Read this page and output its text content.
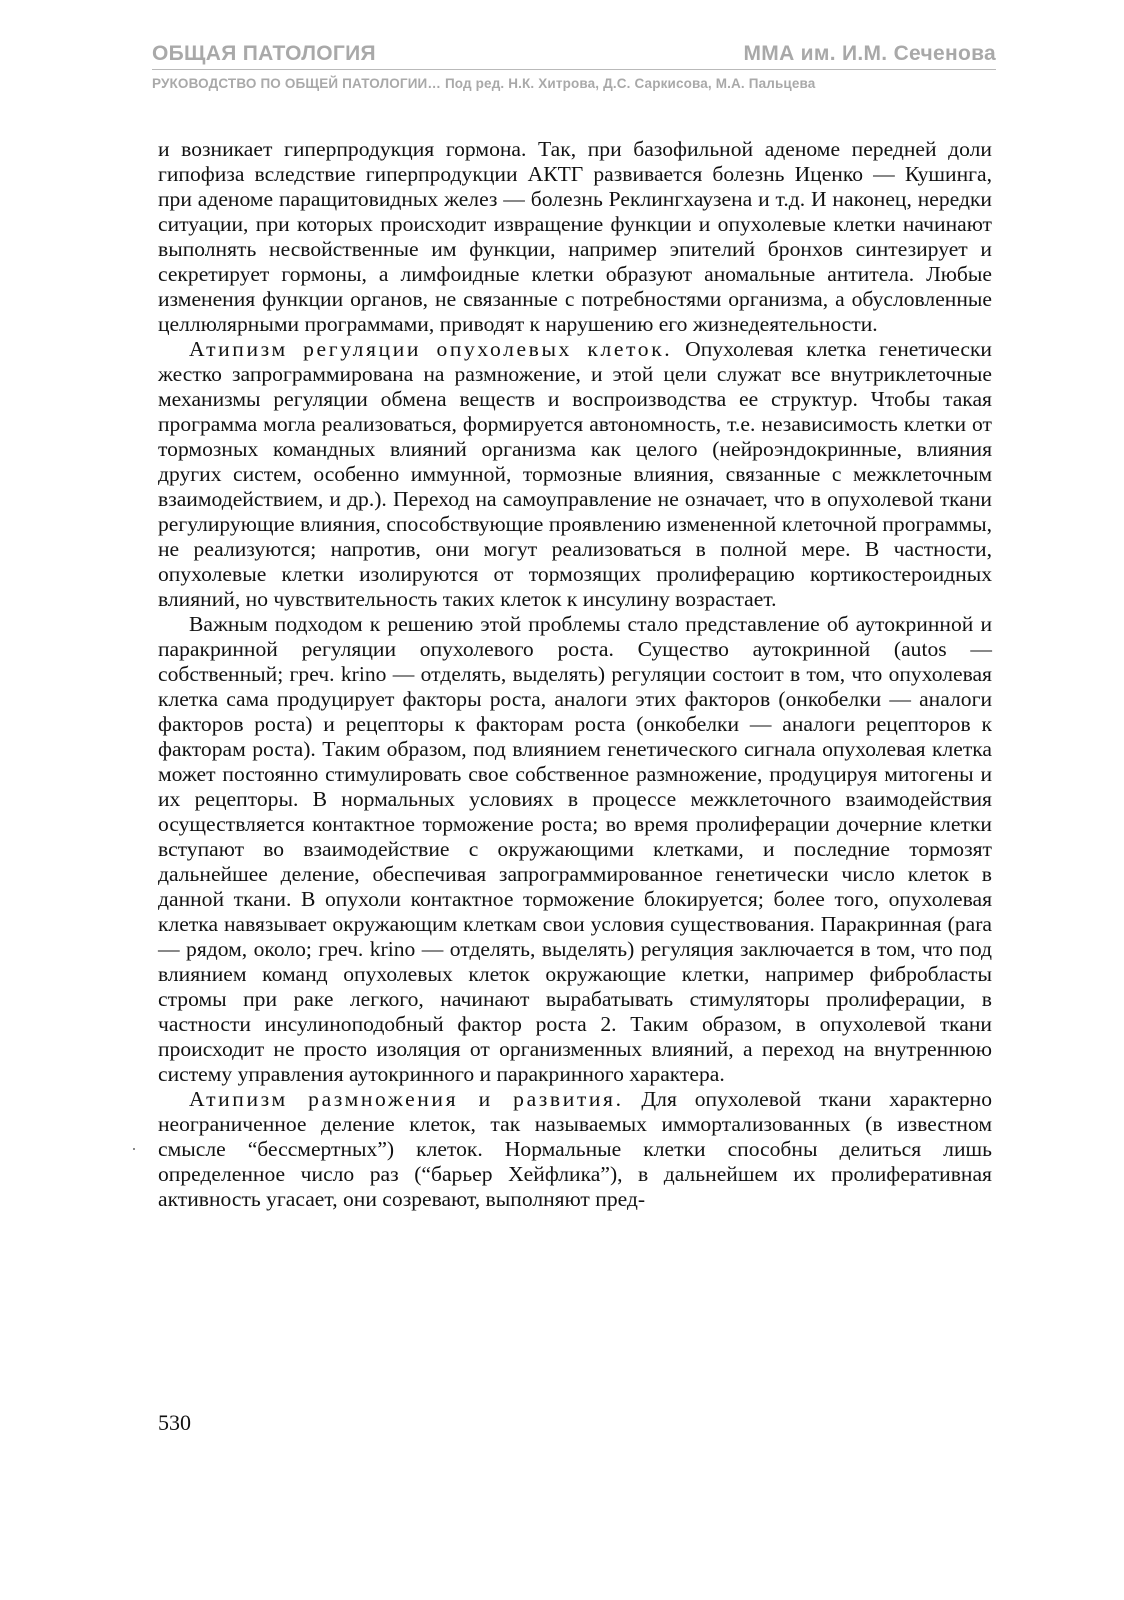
ОБЩАЯ ПАТОЛОГИЯ	ММА им. И.М. Сеченова
РУКОВОДСТВО ПО ОБЩЕЙ ПАТОЛОГИИ… Под ред. Н.К. Хитрова, Д.С. Саркисова, М.А. Пальцева

и возникает гиперпродукция гормона. Так, при базофильной аденоме передней доли гипофиза вследствие гиперпродукции АКТГ развивается болезнь Иценко — Кушинга, при аденоме паращитовидных желез — болезнь Реклингхаузена и т.д. И наконец, нередки ситуации, при которых происходит извращение функции и опухолевые клетки начинают выполнять несвойственные им функции, например эпителий бронхов синтезирует и секретирует гормоны, а лимфоидные клетки образуют аномальные антитела. Любые изменения функции органов, не связанные с потребностями организма, а обусловленные целлюлярными программами, приводят к нарушению его жизнедеятельности.

Атипизм регуляции опухолевых клеток. Опухолевая клетка генетически жестко запрограммирована на размножение, и этой цели служат все внутриклеточные механизмы регуляции обмена веществ и воспроизводства ее структур. Чтобы такая программа могла реализоваться, формируется автономность, т.е. независимость клетки от тормозных командных влияний организма как целого (нейроэндокринные, влияния других систем, особенно иммунной, тормозные влияния, связанные с межклеточным взаимодействием, и др.). Переход на самоуправление не означает, что в опухолевой ткани регулирующие влияния, способствующие проявлению измененной клеточной программы, не реализуются; напротив, они могут реализоваться в полной мере. В частности, опухолевые клетки изолируются от тормозящих пролиферацию кортикостероидных влияний, но чувствительность таких клеток к инсулину возрастает.

Важным подходом к решению этой проблемы стало представление об аутокринной и паракринной регуляции опухолевого роста. Существо аутокринной (autos — собственный; греч. krino — отделять, выделять) регуляции состоит в том, что опухолевая клетка сама продуцирует факторы роста, аналоги этих факторов (онкобелки — аналоги факторов роста) и рецепторы к факторам роста (онкобелки — аналоги рецепторов к факторам роста). Таким образом, под влиянием генетического сигнала опухолевая клетка может постоянно стимулировать свое собственное размножение, продуцируя митогены и их рецепторы. В нормальных условиях в процессе межклеточного взаимодействия осуществляется контактное торможение роста; во время пролиферации дочерние клетки вступают во взаимодействие с окружающими клетками, и последние тормозят дальнейшее деление, обеспечивая запрограммированное генетически число клеток в данной ткани. В опухоли контактное торможение блокируется; более того, опухолевая клетка навязывает окружающим клеткам свои условия существования. Паракринная (para — рядом, около; греч. krino — отделять, выделять) регуляция заключается в том, что под влиянием команд опухолевых клеток окружающие клетки, например фибробласты стромы при раке легкого, начинают вырабатывать стимуляторы пролиферации, в частности инсулиноподобный фактор роста 2. Таким образом, в опухолевой ткани происходит не просто изоляция от организменных влияний, а переход на внутреннюю систему управления аутокринного и паракринного характера.

Атипизм размножения и развития. Для опухолевой ткани характерно неограниченное деление клеток, так называемых иммортализованных (в известном смысле “бессмертных”) клеток. Нормальные клетки способны делиться лишь определенное число раз (“барьер Хейфлика”), в дальнейшем их пролиферативная активность угасает, они созревают, выполняют пред-

530
